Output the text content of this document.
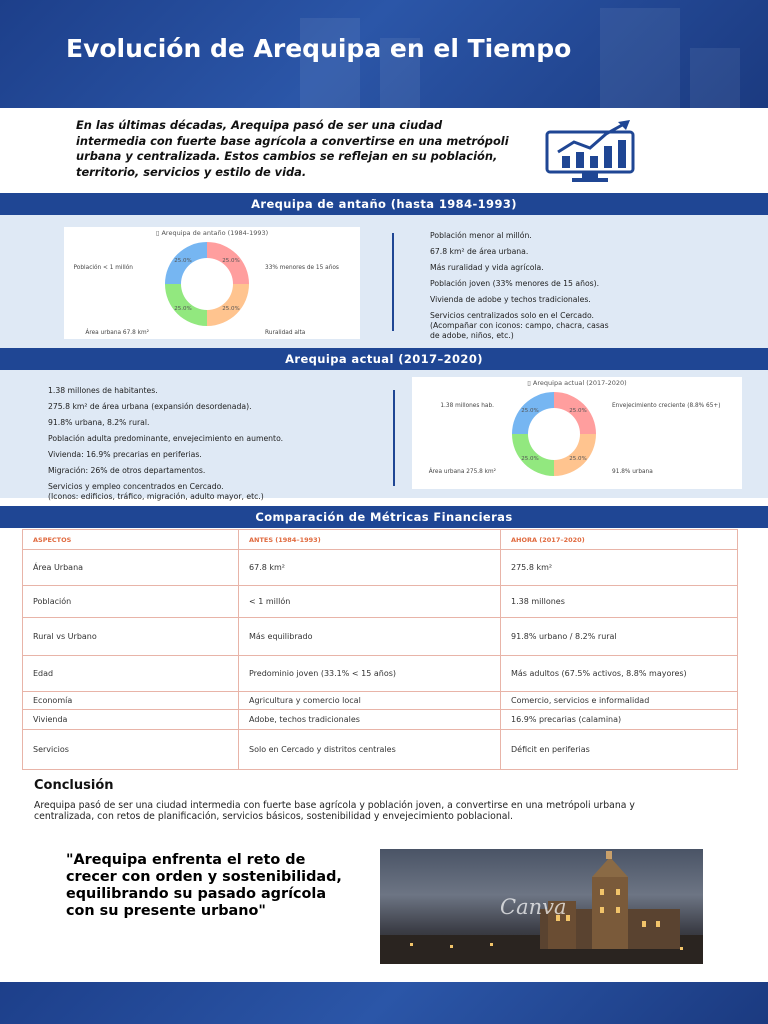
Evolución de Arequipa en el Tiempo

En las últimas décadas, Arequipa pasó de ser una ciudad intermedia con fuerte base agrícola a convertirse en una metrópoli urbana y centralizada. Estos cambios se reflejan en su población, territorio, servicios y estilo de vida.

Arequipa de antaño (hasta 1984-1993)
▯ Arequipa de antaño (1984-1993)
25.0%
25.0%
25.0%
25.0%
33% menores de 15 años
Ruralidad alta
Área urbana 67.8 km²
Población < 1 millón
Población menor al millón.
67.8 km² de área urbana.
Más ruralidad y vida agrícola.
Población joven (33% menores de 15 años).
Vivienda de adobe y techos tradicionales.
Servicios centralizados solo en el Cercado.
(Acompañar con iconos: campo, chacra, casas
de adobe, niños, etc.)
Arequipa actual (2017–2020)
1.38 millones de habitantes.
275.8 km² de área urbana (expansión desordenada).
91.8% urbana, 8.2% rural.
Población adulta predominante, envejecimiento en aumento.
Vivienda: 16.9% precarias en periferias.
Migración: 26% de otros departamentos.
Servicios y empleo concentrados en Cercado.
(Iconos: edificios, tráfico, migración, adulto mayor, etc.)
▯ Arequipa actual (2017-2020)
25.0%
25.0%
25.0%
25.0%
Envejecimiento creciente (8.8% 65+)
91.8% urbana
Área urbana 275.8 km²
1.38 millones hab.
Comparación de Métricas Financieras
ASPECTOS	ANTES (1984–1993)	AHORA (2017–2020)
Área Urbana	67.8 km²	275.8 km²
Población	< 1 millón	1.38 millones
Rural vs Urbano	Más equilibrado	91.8% urbano / 8.2% rural
Edad	Predominio joven (33.1% < 15 años)	Más adultos (67.5% activos, 8.8% mayores)
Economía	Agricultura y comercio local	Comercio, servicios e informalidad
Vivienda	Adobe, techos tradicionales	16.9% precarias (calamina)
Servicios	Solo en Cercado y distritos centrales	Déficit en periferias
Conclusión
Arequipa pasó de ser una ciudad intermedia con fuerte base agrícola y población joven, a convertirse en una metrópoli urbana y centralizada, con retos de planificación, servicios básicos, sostenibilidad y envejecimiento poblacional.
"Arequipa enfrenta el reto de crecer con orden y sostenibilidad, equilibrando su pasado agrícola con su presente urbano"	Canva
